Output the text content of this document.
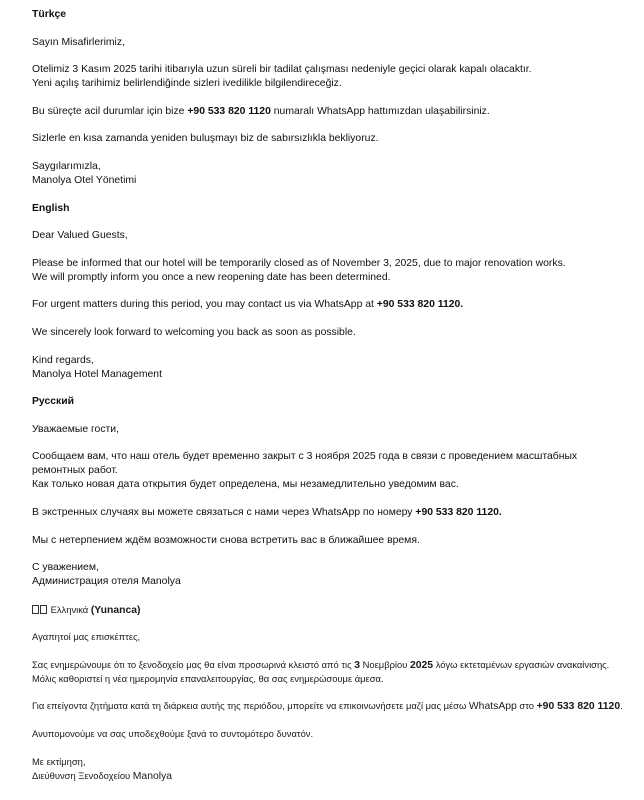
Türkçe
Sayın Misafirlerimiz,
Otelimiz 3 Kasım 2025 tarihi itibarıyla uzun süreli bir tadilat çalışması nedeniyle geçici olarak kapalı olacaktır.
Yeni açılış tarihimiz belirlendiğinde sizleri ivedilikle bilgilendireceğiz.
Bu süreçte acil durumlar için bize +90 533 820 1120 numaralı WhatsApp hattımızdan ulaşabilirsiniz.
Sizlerle en kısa zamanda yeniden buluşmayı biz de sabırsızlıkla bekliyoruz.
Saygılarımızla,
Manolya Otel Yönetimi
English
Dear Valued Guests,
Please be informed that our hotel will be temporarily closed as of November 3, 2025, due to major renovation works.
We will promptly inform you once a new reopening date has been determined.
For urgent matters during this period, you may contact us via WhatsApp at +90 533 820 1120.
We sincerely look forward to welcoming you back as soon as possible.
Kind regards,
Manolya Hotel Management
Русский
Уважаемые гости,
Сообщаем вам, что наш отель будет временно закрыт с 3 ноября 2025 года в связи с проведением масштабных
ремонтных работ.
Как только новая дата открытия будет определена, мы незамедлительно уведомим вас.
В экстренных случаях вы можете связаться с нами через WhatsApp по номеру +90 533 820 1120.
Мы с нетерпением ждём возможности снова встретить вас в ближайшее время.
С уважением,
Администрация отеля Manolya
Ελληνικά (Yunanca)
Αγαπητοί μας επισκέπτες,
Σας ενημερώνουμε ότι το ξενοδοχείο μας θα είναι προσωρινά κλειστό από τις 3 Νοεμβρίου 2025 λόγω εκτεταμένων εργασιών ανακαίνισης.
Μόλις καθοριστεί η νέα ημερομηνία επαναλειτουργίας, θα σας ενημερώσουμε άμεσα.
Για επείγοντα ζητήματα κατά τη διάρκεια αυτής της περιόδου, μπορείτε να επικοινωνήσετε μαζί μας μέσω WhatsApp στο +90 533 820 1120.
Ανυπομονούμε να σας υποδεχθούμε ξανά το συντομότερο δυνατόν.
Με εκτίμηση,
Διεύθυνση Ξενοδοχείου Manolya
